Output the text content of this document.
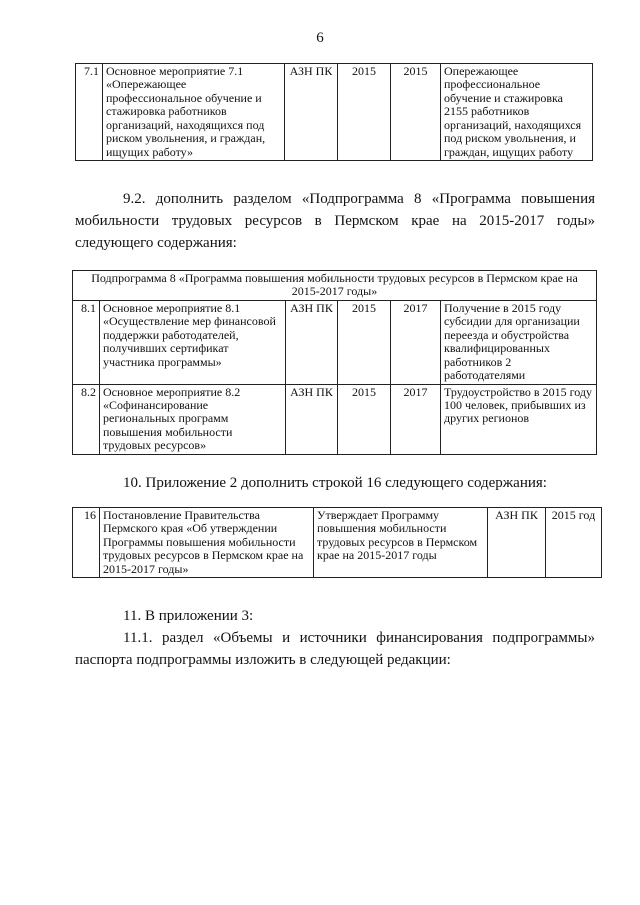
6
7.1	Основное мероприятие 7.1 «Опережающее профессиональное обучение и стажировка работников организаций, находящихся под риском увольнения, и граждан, ищущих работу»	АЗН ПК	2015	2015	Опережающее профессиональное обучение и стажировка 2155 работников организаций, находящихся под риском увольнения, и граждан, ищущих работу
9.2. дополнить разделом «Подпрограмма 8 «Программа повышения мобильности трудовых ресурсов в Пермском крае на 2015-2017 годы» следующего содержания:
Подпрограмма 8 «Программа повышения мобильности трудовых ресурсов в Пермском крае на 2015-2017 годы»					
8.1	Основное мероприятие 8.1 «Осуществление мер финансовой поддержки работодателей, получивших сертификат участника программы»	АЗН ПК	2015	2017	Получение в 2015 году субсидии для организации переезда и обустройства квалифицированных работников 2 работодателями
8.2	Основное мероприятие 8.2 «Софинансирование региональных программ повышения мобильности трудовых ресурсов»	АЗН ПК	2015	2017	Трудоустройство в 2015 году 100 человек, прибывших из других регионов
10. Приложение 2 дополнить строкой 16 следующего содержания:
16	Постановление Правительства Пермского края «Об утверждении Программы повышения мобильности трудовых ресурсов в Пермском крае на 2015-2017 годы»	Утверждает Программу повышения мобильности трудовых ресурсов в Пермском крае на 2015-2017 годы	АЗН ПК	2015 год
11. В приложении 3:
11.1. раздел «Объемы и источники финансирования подпрограммы» паспорта подпрограммы изложить в следующей редакции:
